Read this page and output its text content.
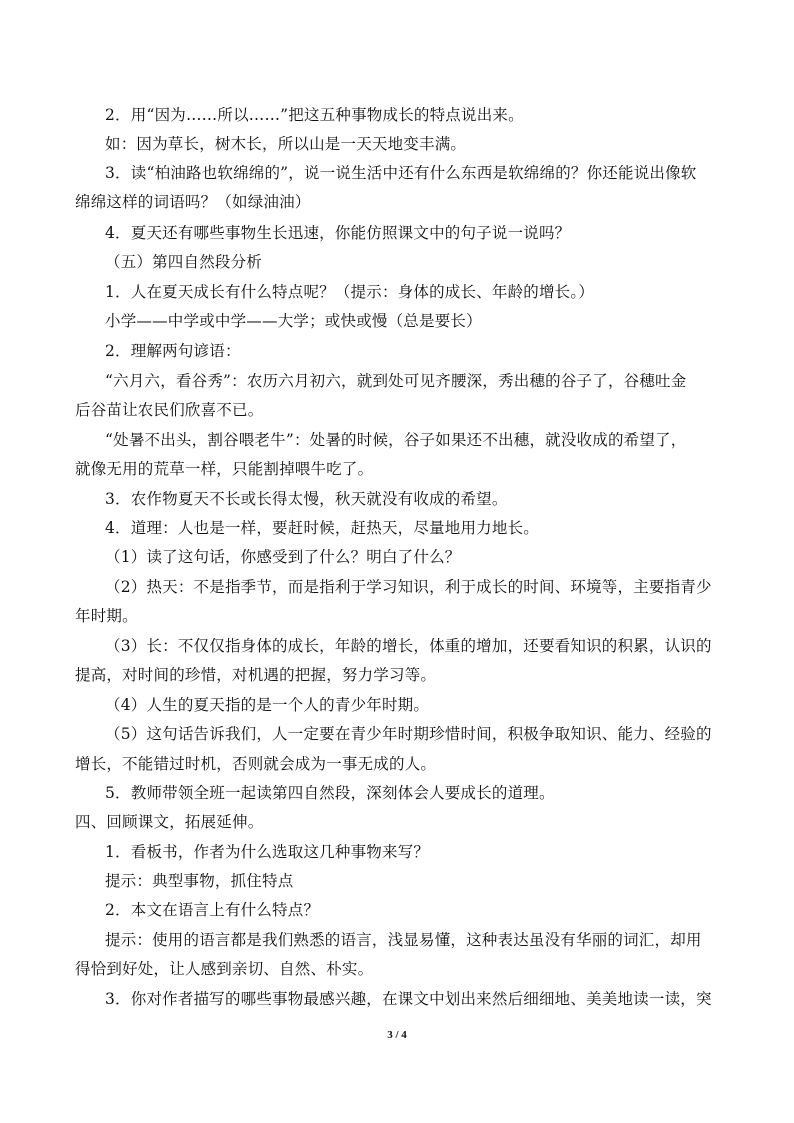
2．用“因为……所以……”把这五种事物成长的特点说出来。
如：因为草长，树木长，所以山是一天天地变丰满。
3．读“柏油路也软绵绵的”，说一说生活中还有什么东西是软绵绵的？你还能说出像软
绵绵这样的词语吗？（如绿油油）
4．夏天还有哪些事物生长迅速，你能仿照课文中的句子说一说吗？
（五）第四自然段分析
1．人在夏天成长有什么特点呢？（提示：身体的成长、年龄的增长。）
小学——中学或中学——大学；或快或慢（总是要长）
2．理解两句谚语：
“六月六，看谷秀”：农历六月初六，就到处可见齐腰深，秀出穗的谷子了，谷穗吐金
后谷苗让农民们欣喜不已。
“处暑不出头，割谷喂老牛”：处暑的时候，谷子如果还不出穗，就没收成的希望了，
就像无用的荒草一样，只能割掉喂牛吃了。
3．农作物夏天不长或长得太慢，秋天就没有收成的希望。
4．道理：人也是一样，要赶时候，赶热天，尽量地用力地长。
（1）读了这句话，你感受到了什么？明白了什么？
（2）热天：不是指季节，而是指利于学习知识，利于成长的时间、环境等，主要指青少
年时期。
（3）长：不仅仅指身体的成长，年龄的增长，体重的增加，还要看知识的积累，认识的
提高，对时间的珍惜，对机遇的把握，努力学习等。
（4）人生的夏天指的是一个人的青少年时期。
（5）这句话告诉我们，人一定要在青少年时期珍惜时间，积极争取知识、能力、经验的
增长，不能错过时机，否则就会成为一事无成的人。
5．教师带领全班一起读第四自然段，深刻体会人要成长的道理。
四、回顾课文，拓展延伸。
1．看板书，作者为什么选取这几种事物来写？
提示：典型事物，抓住特点
2．本文在语言上有什么特点？
提示：使用的语言都是我们熟悉的语言，浅显易懂，这种表达虽没有华丽的词汇，却用
得恰到好处，让人感到亲切、自然、朴实。
3．你对作者描写的哪些事物最感兴趣，在课文中划出来然后细细地、美美地读一读，突
3 / 4
